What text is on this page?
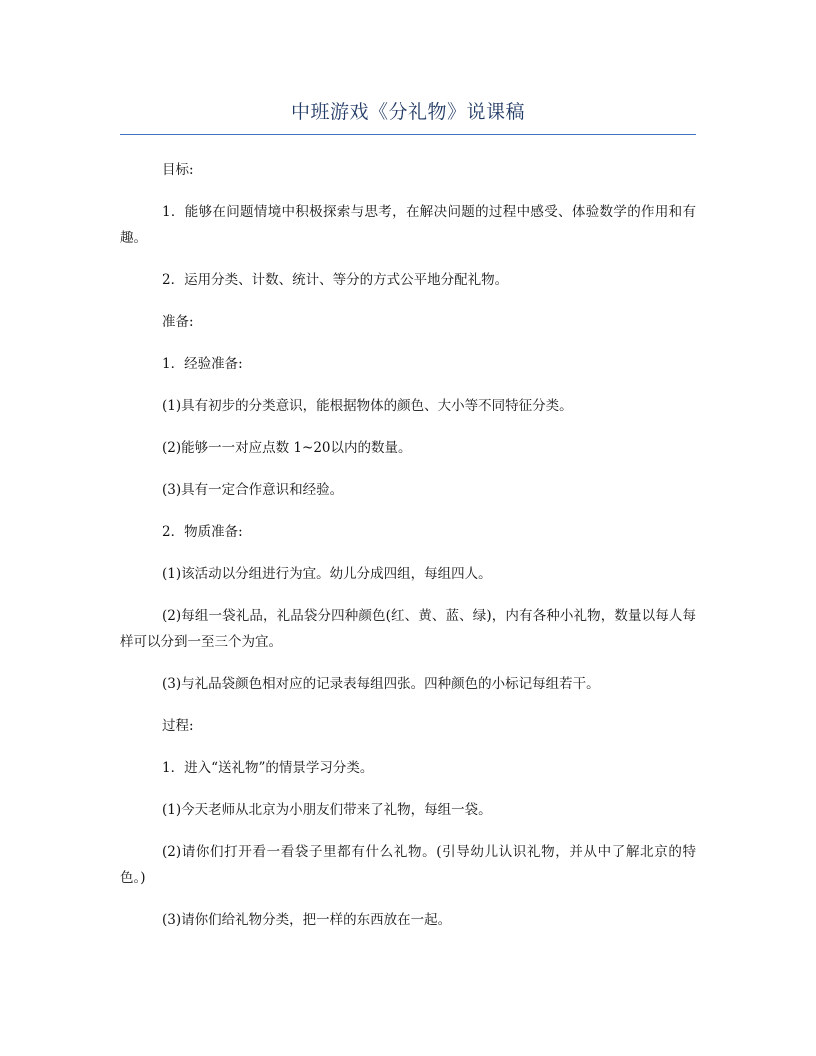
中班游戏《分礼物》说课稿

目标:

1．能够在问题情境中积极探索与思考，在解决问题的过程中感受、体验数学的作用和有趣。

2．运用分类、计数、统计、等分的方式公平地分配礼物。

准备:

1．经验准备:

(1)具有初步的分类意识，能根据物体的颜色、大小等不同特征分类。

(2)能够一一对应点数 1~20以内的数量。

(3)具有一定合作意识和经验。

2．物质准备:

(1)该活动以分组进行为宜。幼儿分成四组，每组四人。

(2)每组一袋礼品，礼品袋分四种颜色(红、黄、蓝、绿)，内有各种小礼物，数量以每人每样可以分到一至三个为宜。

(3)与礼品袋颜色相对应的记录表每组四张。四种颜色的小标记每组若干。

过程:

1．进入“送礼物”的情景学习分类。

(1)今天老师从北京为小朋友们带来了礼物，每组一袋。

(2)请你们打开看一看袋子里都有什么礼物。(引导幼儿认识礼物，并从中了解北京的特色。)

(3)请你们给礼物分类，把一样的东西放在一起。
